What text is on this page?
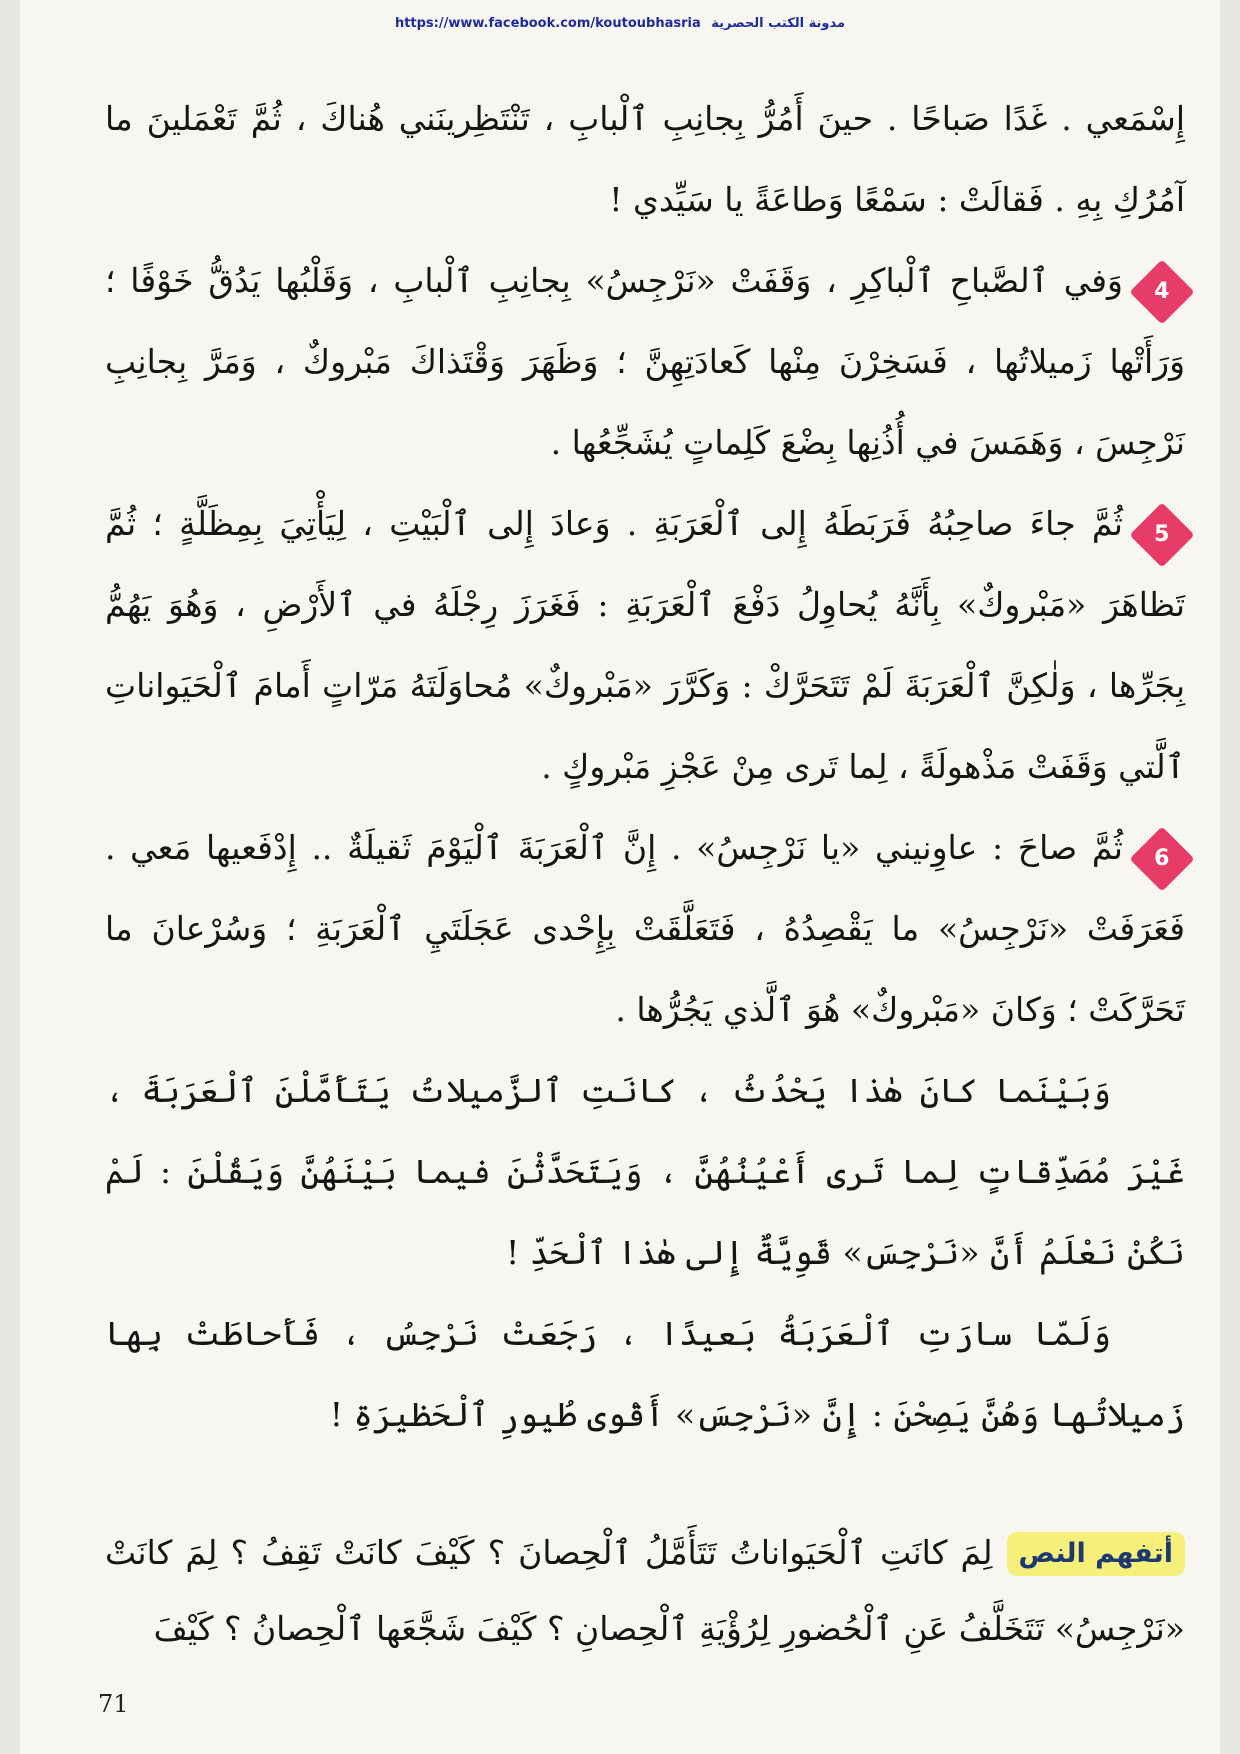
https://www.facebook.com/koutoubhasria مدونة الكتب الحصرية

إِسْمَعي . غَدًا صَباحًا . حينَ أَمُرُّ بِجانِبِ ٱلْبابِ ، تَنْتَظِرينَني هُناكَ ، ثُمَّ تَعْمَلينَ ما آمُرُكِ بِهِ . فَقالَتْ : سَمْعًا وَطاعَةً يا سَيِّدي !

4
وَفي ٱلصَّباحِ ٱلْباكِرِ ، وَقَفَتْ «نَرْجِسُ» بِجانِبِ ٱلْبابِ ، وَقَلْبُها يَدُقُّ خَوْفًا ؛ وَرَأَتْها زَميلاتُها ، فَسَخِرْنَ مِنْها كَعادَتِهِنَّ ؛ وَظَهَرَ وَقْتَذاكَ مَبْروكٌ ، وَمَرَّ بِجانِبِ نَرْجِسَ ، وَهَمَسَ في أُذُنِها بِضْعَ كَلِماتٍ يُشَجِّعُها .

5
ثُمَّ جاءَ صاحِبُهُ فَرَبَطَهُ إِلى ٱلْعَرَبَةِ . وَعادَ إِلى ٱلْبَيْتِ ، لِيَأْتِيَ بِمِظَلَّةٍ ؛ ثُمَّ تَظاهَرَ «مَبْروكٌ» بِأَنَّهُ يُحاوِلُ دَفْعَ ٱلْعَرَبَةِ : فَغَرَزَ رِجْلَهُ في ٱلأَرْضِ ، وَهُوَ يَهُمُّ بِجَرِّها ، وَلٰكِنَّ ٱلْعَرَبَةَ لَمْ تَتَحَرَّكْ : وَكَرَّرَ «مَبْروكٌ» مُحاوَلَتَهُ مَرّاتٍ أَمامَ ٱلْحَيَواناتِ ٱلَّتي وَقَفَتْ مَذْهولَةً ، لِما تَرى مِنْ عَجْزِ مَبْروكٍ .

6
ثُمَّ صاحَ : عاوِنيني «يا نَرْجِسُ» . إِنَّ ٱلْعَرَبَةَ ٱلْيَوْمَ ثَقيلَةٌ .. إِدْفَعيها مَعي . فَعَرَفَتْ «نَرْجِسُ» ما يَقْصِدُهُ ، فَتَعَلَّقَتْ بِإِحْدى عَجَلَتَيِ ٱلْعَرَبَةِ ؛ وَسُرْعانَ ما تَحَرَّكَتْ ؛ وَكانَ «مَبْروكٌ» هُوَ ٱلَّذي يَجُرُّها .

وَبَيْنَما كانَ هٰذا يَحْدُثُ ، كانَتِ ٱلزَّميلاتُ يَتَأَمَّلْنَ ٱلْعَرَبَةَ ، غَيْرَ مُصَدِّقاتٍ لِما تَرى أَعْيُنُهُنَّ ، وَيَتَحَدَّثْنَ فيما بَيْنَهُنَّ وَيَقُلْنَ : لَمْ نَكُنْ نَعْلَمُ أَنَّ «نَرْجِسَ» قَوِيَّةٌ إِلى هٰذا ٱلْحَدِّ !

وَلَمّا سارَتِ ٱلْعَرَبَةُ بَعيدًا ، رَجَعَتْ نَرْجِسُ ، فَأَحاطَتْ بِها زَميلاتُها وَهُنَّ يَصِحْنَ : إِنَّ «نَرْجِسَ» أَقْوى طُيورِ ٱلْحَظيرَةِ !

أتفهم النصلِمَ كانَتِ ٱلْحَيَواناتُ تَتَأَمَّلُ ٱلْحِصانَ ؟ كَيْفَ كانَتْ تَقِفُ ؟ لِمَ كانَتْ «نَرْجِسُ» تَتَخَلَّفُ عَنِ ٱلْحُضورِ لِرُؤْيَةِ ٱلْحِصانِ ؟ كَيْفَ شَجَّعَها ٱلْحِصانُ ؟ كَيْفَ
71
